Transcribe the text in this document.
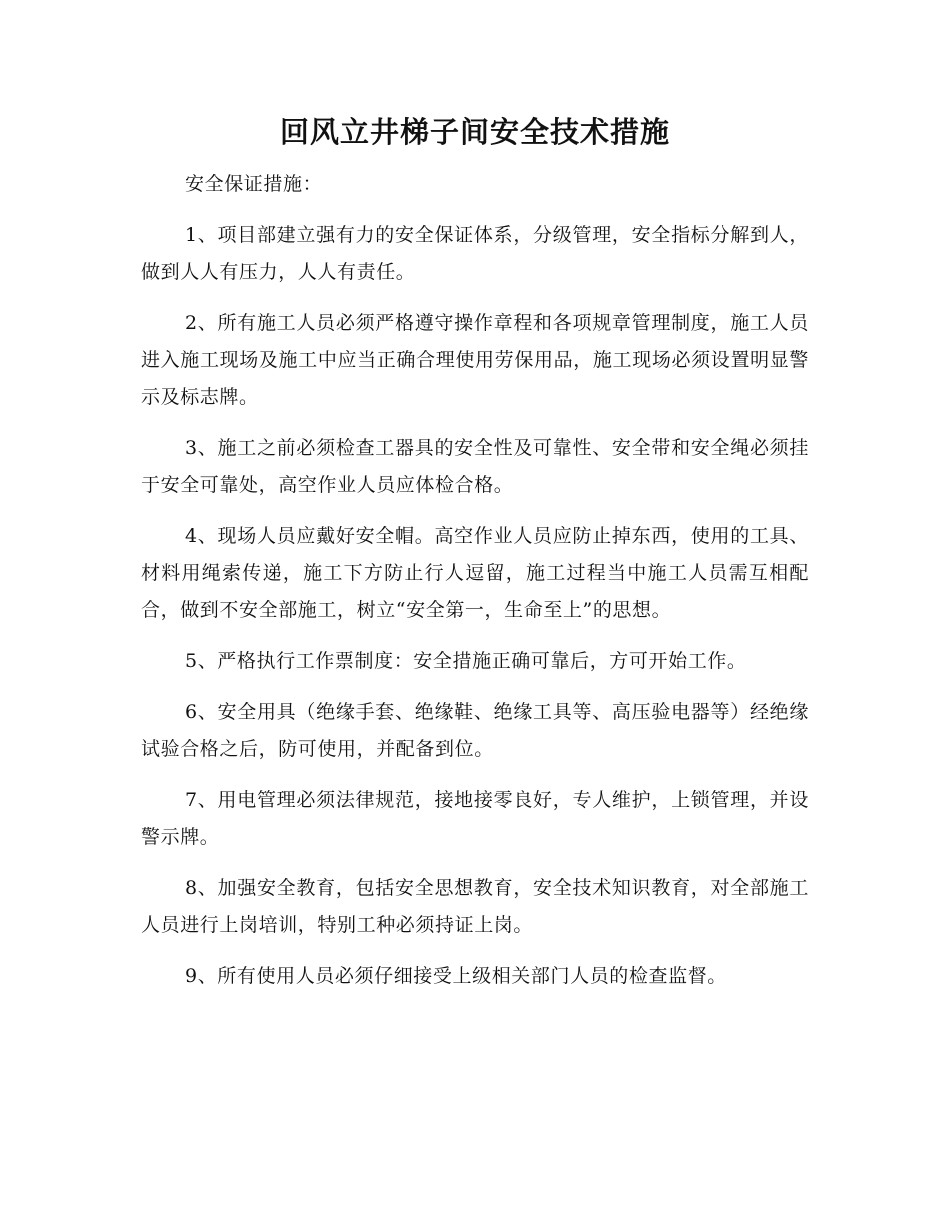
回风立井梯子间安全技术措施

安全保证措施：

1、项目部建立强有力的安全保证体系，分级管理，安全指标分解到人，做到人人有压力，人人有责任。

2、所有施工人员必须严格遵守操作章程和各项规章管理制度，施工人员进入施工现场及施工中应当正确合理使用劳保用品，施工现场必须设置明显警示及标志牌。

3、施工之前必须检查工器具的安全性及可靠性、安全带和安全绳必须挂于安全可靠处，高空作业人员应体检合格。

4、现场人员应戴好安全帽。高空作业人员应防止掉东西，使用的工具、材料用绳索传递，施工下方防止行人逗留，施工过程当中施工人员需互相配合，做到不安全部施工，树立“安全第一，生命至上”的思想。

5、严格执行工作票制度：安全措施正确可靠后，方可开始工作。

6、安全用具（绝缘手套、绝缘鞋、绝缘工具等、高压验电器等）经绝缘试验合格之后，防可使用，并配备到位。

7、用电管理必须法律规范，接地接零良好，专人维护，上锁管理，并设警示牌。

8、加强安全教育，包括安全思想教育，安全技术知识教育，对全部施工人员进行上岗培训，特别工种必须持证上岗。

9、所有使用人员必须仔细接受上级相关部门人员的检查监督。
